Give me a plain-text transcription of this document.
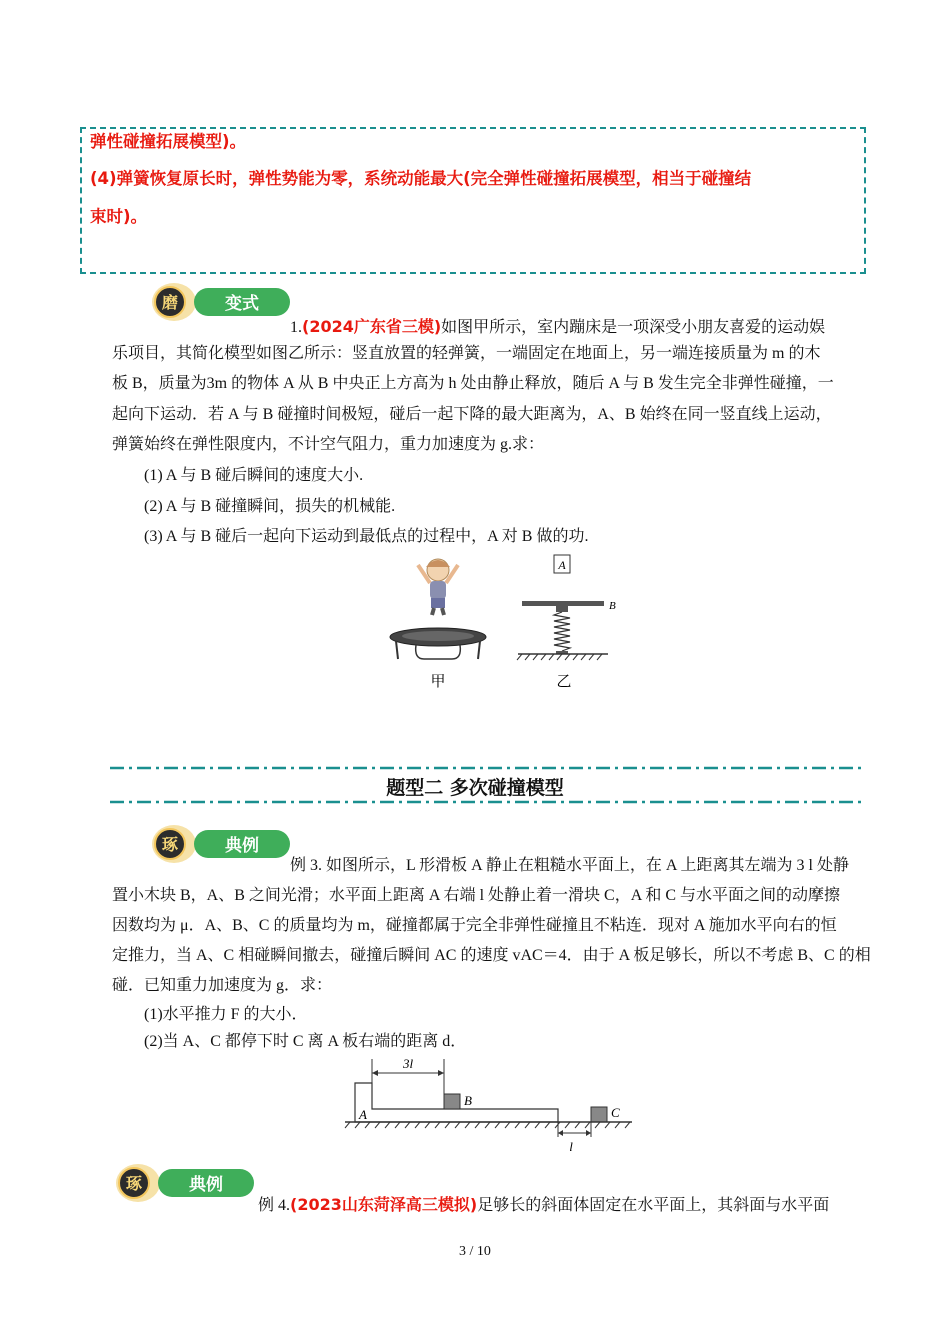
弹性碰撞拓展模型)。
(4)弹簧恢复原长时，弹性势能为零，系统动能最大(完全弹性碰撞拓展模型，相当于碰撞结
束时)。
磨	变式
1.(2024广东省三模)如图甲所示，室内蹦床是一项深受小朋友喜爱的运动娱
乐项目，其简化模型如图乙所示：竖直放置的轻弹簧，一端固定在地面上，另一端连接质量为 m 的木
板 B，质量为3m 的物体 A 从 B 中央正上方高为 h 处由静止释放，随后 A 与 B 发生完全非弹性碰撞，一
起向下运动．若 A 与 B 碰撞时间极短，碰后一起下降的最大距离为，A、B 始终在同一竖直线上运动，
弹簧始终在弹性限度内，不计空气阻力，重力加速度为 g.求：
(1) A 与 B 碰后瞬间的速度大小.
(2) A 与 B 碰撞瞬间，损失的机械能.
(3) A 与 B 碰后一起向下运动到最低点的过程中，A 对 B 做的功.
甲
A
B
乙
题型二 多次碰撞模型
琢	典例
例 3. 如图所示，L 形滑板 A 静止在粗糙水平面上，在 A 上距离其左端为 3 l 处静
置小木块 B，A、B 之间光滑；水平面上距离 A 右端 l 处静止着一滑块 C，A 和 C 与水平面之间的动摩擦
因数均为 μ．A、B、C 的质量均为 m，碰撞都属于完全非弹性碰撞且不粘连．现对 A 施加水平向右的恒
定推力，当 A、C 相碰瞬间撤去，碰撞后瞬间 AC 的速度 vAC＝4．由于 A 板足够长，所以不考虑 B、C 的相
碰．已知重力加速度为 g．求：
(1)水平推力 F 的大小．
(2)当 A、C 都停下时 C 离 A 板右端的距离 d．
3l
A
B
C
l
琢	典例
例 4.(2023山东菏泽高三模拟)足够长的斜面体固定在水平面上，其斜面与水平面
3 / 10
